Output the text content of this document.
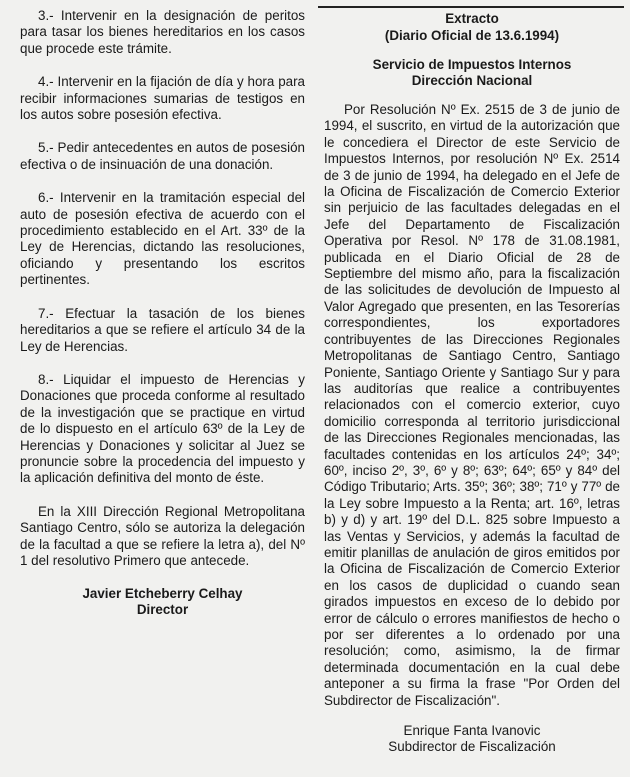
3.- Intervenir en la designación de peritos para tasar los bienes hereditarios en los casos que procede este trámite.

4.- Intervenir en la fijación de día y hora para recibir informaciones sumarias de testigos en los autos sobre posesión efectiva.

5.- Pedir antecedentes en autos de posesión efectiva o de insinuación de una donación.

6.- Intervenir en la tramitación especial del auto de posesión efectiva de acuerdo con el procedimiento establecido en el Art. 33º de la Ley de Herencias, dictando las resoluciones, oficiando y presentando los escritos pertinentes.

7.- Efectuar la tasación de los bienes hereditarios a que se refiere el artículo 34 de la Ley de Herencias.

8.- Liquidar el impuesto de Herencias y Donaciones que proceda conforme al resultado de la investigación que se practique en virtud de lo dispuesto en el artículo 63º de la Ley de Herencias y Donaciones y solicitar al Juez se pronuncie sobre la procedencia del impuesto y la aplicación definitiva del monto de éste.

En la XIII Dirección Regional Metropolitana Santiago Centro, sólo se autoriza la delegación de la facultad a que se refiere la letra a), del Nº 1 del resolutivo Primero que antecede.

Javier Etcheberry Celhay
Director
Extracto
(Diario Oficial de 13.6.1994)
Servicio de Impuestos Internos
Dirección Nacional

Por Resolución Nº Ex. 2515 de 3 de junio de 1994, el suscrito, en virtud de la autorización que le concediera el Director de este Servicio de Impuestos Internos, por resolución Nº Ex. 2514 de 3 de junio de 1994, ha delegado en el Jefe de la Oficina de Fiscalización de Comercio Exterior sin perjuicio de las facultades delegadas en el Jefe del Departamento de Fiscalización Operativa por Resol. Nº 178 de 31.08.1981, publicada en el Diario Oficial de 28 de Septiembre del mismo año, para la fiscalización de las solicitudes de devolución de Impuesto al Valor Agregado que presenten, en las Tesorerías correspondientes, los exportadores contribuyentes de las Direcciones Regionales Metropolitanas de Santiago Centro, Santiago Poniente, Santiago Oriente y Santiago Sur y para las auditorías que realice a contribuyentes relacionados con el comercio exterior, cuyo domicilio corresponda al territorio jurisdiccional de las Direcciones Regionales mencionadas, las facultades contenidas en los artículos 24º; 34º; 60º, inciso 2º, 3º, 6º y 8º; 63º; 64º; 65º y 84º del Código Tributario; Arts. 35º; 36º; 38º; 71º y 77º de la Ley sobre Impuesto a la Renta; art. 16º, letras b) y d) y art. 19º del D.L. 825 sobre Impuesto a las Ventas y Servicios, y además la facultad de emitir planillas de anulación de giros emitidos por la Oficina de Fiscalización de Comercio Exterior en los casos de duplicidad o cuando sean girados impuestos en exceso de lo debido por error de cálculo o errores manifiestos de hecho o por ser diferentes a lo ordenado por una resolución; como, asimismo, la de firmar determinada documentación en la cual debe anteponer a su firma la frase "Por Orden del Subdirector de Fiscalización".

Enrique Fanta Ivanovic
Subdirector de Fiscalización
